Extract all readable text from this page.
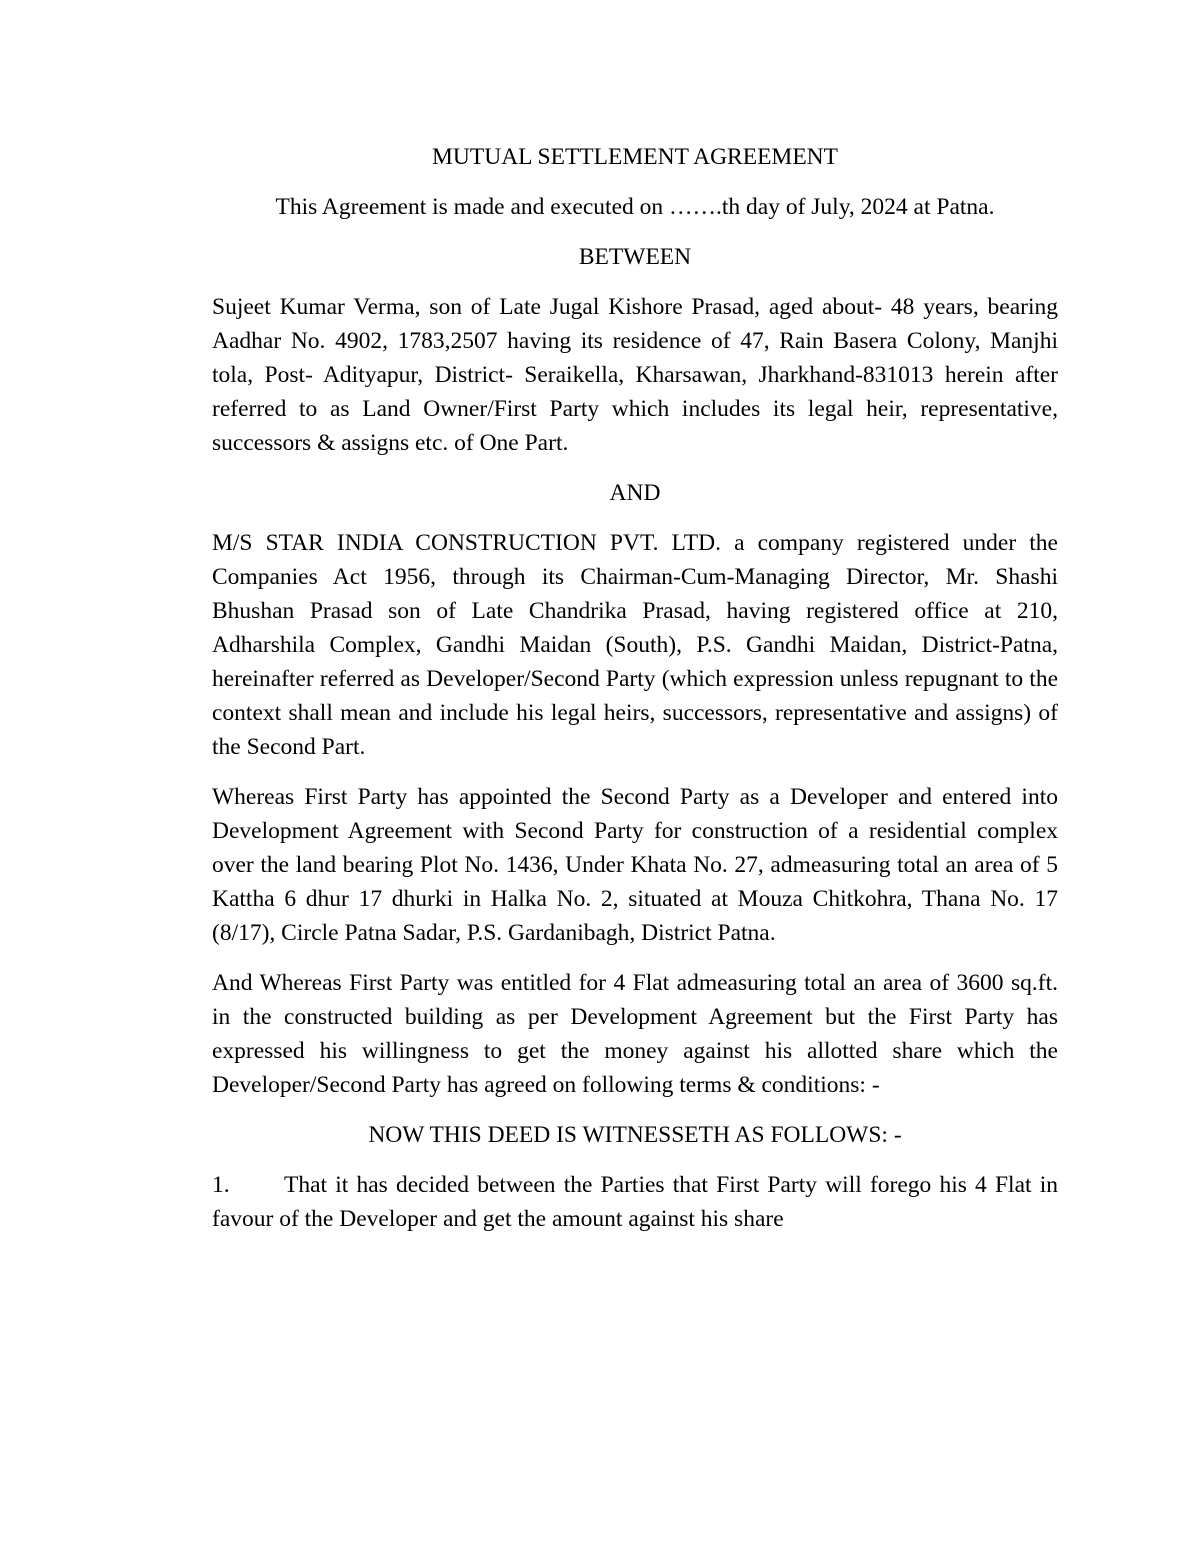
MUTUAL SETTLEMENT AGREEMENT

This Agreement is made and executed on …….th day of July, 2024 at Patna.

BETWEEN

Sujeet Kumar Verma, son of Late Jugal Kishore Prasad, aged about- 48 years, bearing Aadhar No. 4902, 1783,2507 having its residence of 47, Rain Basera Colony, Manjhi tola, Post- Adityapur, District- Seraikella, Kharsawan, Jharkhand-831013 herein after referred to as Land Owner/First Party which includes its legal heir, representative, successors & assigns etc. of One Part.

AND

M/S STAR INDIA CONSTRUCTION PVT. LTD. a company registered under the Companies Act 1956, through its Chairman-Cum-Managing Director, Mr. Shashi Bhushan Prasad son of Late Chandrika Prasad, having registered office at 210, Adharshila Complex, Gandhi Maidan (South), P.S. Gandhi Maidan, District-Patna, hereinafter referred as Developer/Second Party (which expression unless repugnant to the context shall mean and include his legal heirs, successors, representative and assigns) of the Second Part.

Whereas First Party has appointed the Second Party as a Developer and entered into Development Agreement with Second Party for construction of a residential complex over the land bearing Plot No. 1436, Under Khata No. 27, admeasuring total an area of 5 Kattha 6 dhur 17 dhurki in Halka No. 2, situated at Mouza Chitkohra, Thana No. 17 (8/17), Circle Patna Sadar, P.S. Gardanibagh, District Patna.

And Whereas First Party was entitled for 4 Flat admeasuring total an area of 3600 sq.ft. in the constructed building as per Development Agreement but the First Party has expressed his willingness to get the money against his allotted share which the Developer/Second Party has agreed on following terms & conditions: -

NOW THIS DEED IS WITNESSETH AS FOLLOWS: -

1. That it has decided between the Parties that First Party will forego his 4 Flat in favour of the Developer and get the amount against his share
